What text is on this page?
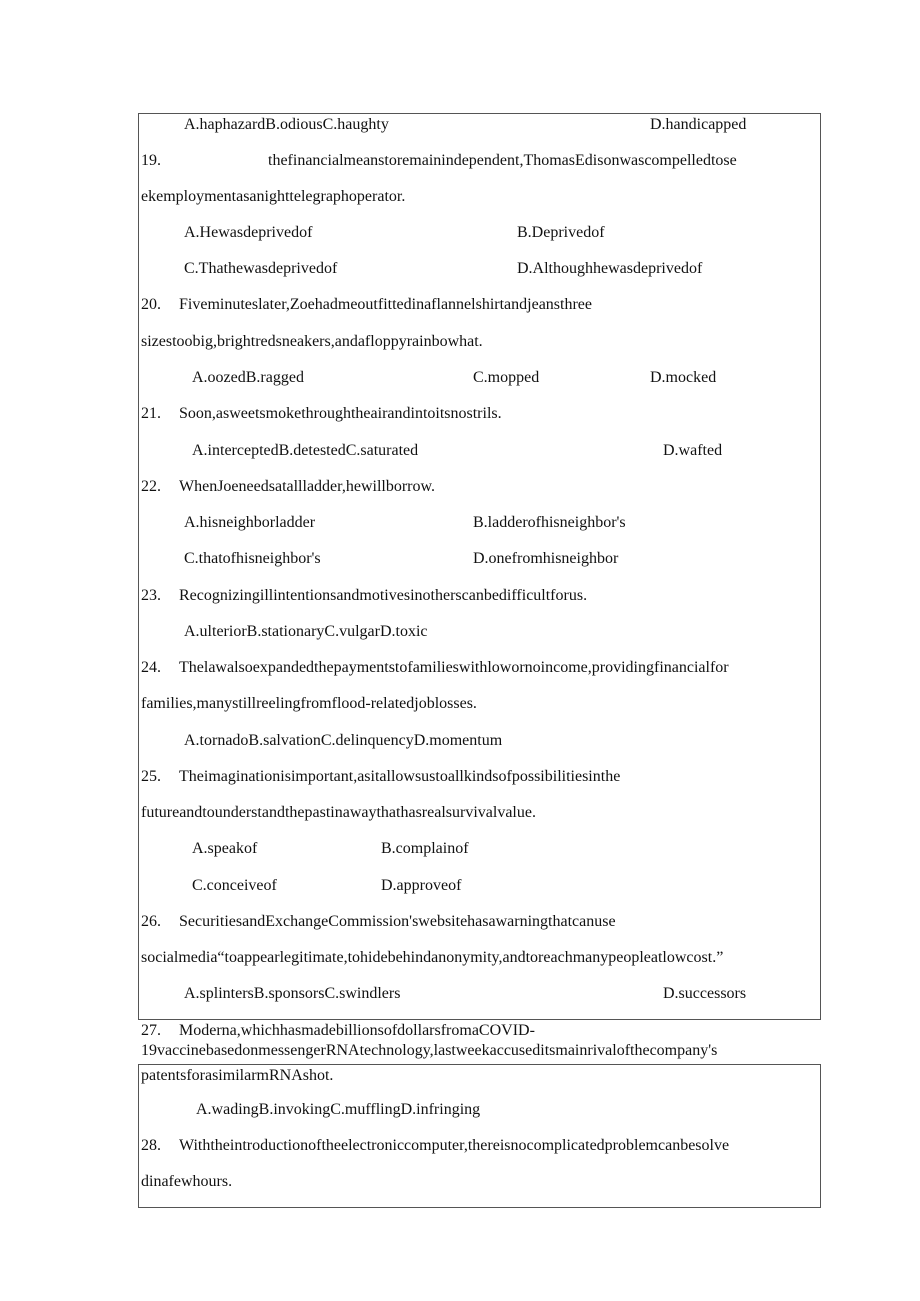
A.haphazardB.odiousC.haughty	D.handicapped
19.	thefinancialmeanstoremainindependent,ThomasEdisonwascompelledtose
ekemploymentasanighttelegraphoperator.
A.Hewasdeprivedof	B.Deprivedof
C.Thathewasdeprivedof	D.Althoughhewasdeprivedof
20. Fiveminuteslater,Zoehadmeoutfittedinaflannelshirtandjeansthree
sizestoobig,brightredsneakers,andafloppyrainbowhat.
A.oozedB.ragged	C.mopped	D.mocked
21. Soon,asweetsmokethroughtheairandintoitsnostrils.
A.interceptedB.detestedC.saturated	D.wafted
22. WhenJoeneedsatallladder,hewillborrow.
A.hisneighborladder	B.ladderofhisneighbor's
C.thatofhisneighbor's	D.onefromhisneighbor
23. Recognizingillintentionsandmotivesinotherscanbedifficultforus.
A.ulteriorB.stationaryC.vulgarD.toxic
24. Thelawalsoexpandedthepaymentstofamilieswithlowornoincome,providingfinancialfor
families,manystillreelingfromflood-relatedjoblosses.
A.tornadoB.salvationC.delinquencyD.momentum
25. Theimaginationisimportant,asitallowsustoallkindsofpossibilitiesinthe
futureandtounderstandthepastinawaythathasrealsurvivalvalue.
A.speakof	B.complainof
C.conceiveof	D.approveof
26. SecuritiesandExchangeCommission'swebsitehasawarningthatcanuse
socialmedia“toappearlegitimate,tohidebehindanonymity,andtoreachmanypeopleatlowcost.”
A.splintersB.sponsorsC.swindlers	D.successors
27. Moderna,whichhasmadebillionsofdollarsfromaCOVID-
19vaccinebasedonmessengerRNAtechnology,lastweekaccuseditsmainrivalofthecompany's
patentsforasimilarmRNAshot.
A.wadingB.invokingC.mufflingD.infringing
28. Withtheintroductionoftheelectroniccomputer,thereisnocomplicatedproblemcanbesolve
dinafewhours.
